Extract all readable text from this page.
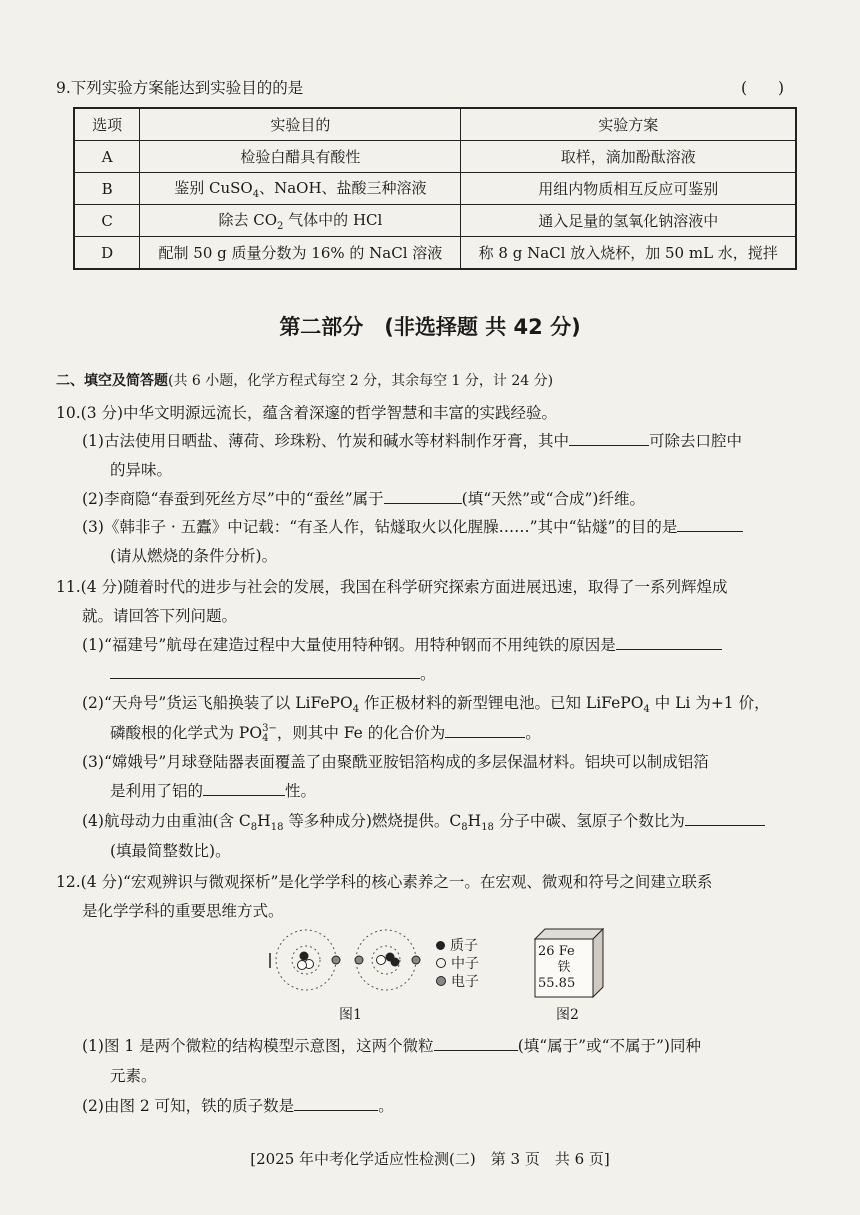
9.下列实验方案能达到实验目的的是	(　　)
选项	实验目的	实验方案
A	检验白醋具有酸性	取样，滴加酚酞溶液
B	鉴别 CuSO$_4$、NaOH、盐酸三种溶液	用组内物质相互反应可鉴别
C	除去 $CO_2$ 气体中的 HCl	通入足量的氢氧化钠溶液中
D	配制 50 g 质量分数为 16% 的 NaCl 溶液	称 8 g NaCl 放入烧杯，加 50 mL 水，搅拌
第二部分　(非选择题 共 42 分)
二、填空及简答题(共 6 小题，化学方程式每空 2 分，其余每空 1 分，计 24 分)
10.(3 分)中华文明源远流长，蕴含着深邃的哲学智慧和丰富的实践经验。
(1)古法使用日晒盐、薄荷、珍珠粉、竹炭和碱水等材料制作牙膏，其中	可除去口腔中
的异味。
(2)李商隐“春蚕到死丝方尽”中的“蚕丝”属于	(填“天然”或“合成”)纤维。
(3)《韩非子 · 五蠹》中记载：“有圣人作，钻燧取火以化腥臊……”其中“钻燧”的目的是
(请从燃烧的条件分析)。
11.(4 分)随着时代的进步与社会的发展，我国在科学研究探索方面进展迅速，取得了一系列辉煌成
就。请回答下列问题。
(1)“福建号”航母在建造过程中大量使用特种钢。用特种钢而不用纯铁的原因是
。
(2)“天舟号”货运飞船换装了以 LiFePO$_4$ 作正极材料的新型锂电池。已知 LiFePO$_4$ 中 Li 为+1 价，
磷酸根的化学式为 PO 3−
4 ，则其中 Fe 的化合价为	。
(3)“嫦娥号”月球登陆器表面覆盖了由聚酰亚胺铝箔构成的多层保温材料。铝块可以制成铝箔
是利用了铝的	性。
(4)航母动力由重油(含 $C_8H_{18}$ 等多种成分)燃烧提供。$C_8H_{18}$ 分子中碳、氢原子个数比为
(填最简整数比)。
12.(4 分)“宏观辨识与微观探析”是化学学科的核心素养之一。在宏观、微观和符号之间建立联系
是化学学科的重要思维方式。
质子
中子
电子
图1
26 Fe
铁
55.85
图2
(1)图 1 是两个微粒的结构模型示意图，这两个微粒	(填“属于”或“不属于”)同种
元素。
(2)由图 2 可知，铁的质子数是	。
[2025 年中考化学适应性检测(二)　第 3 页　共 6 页]
